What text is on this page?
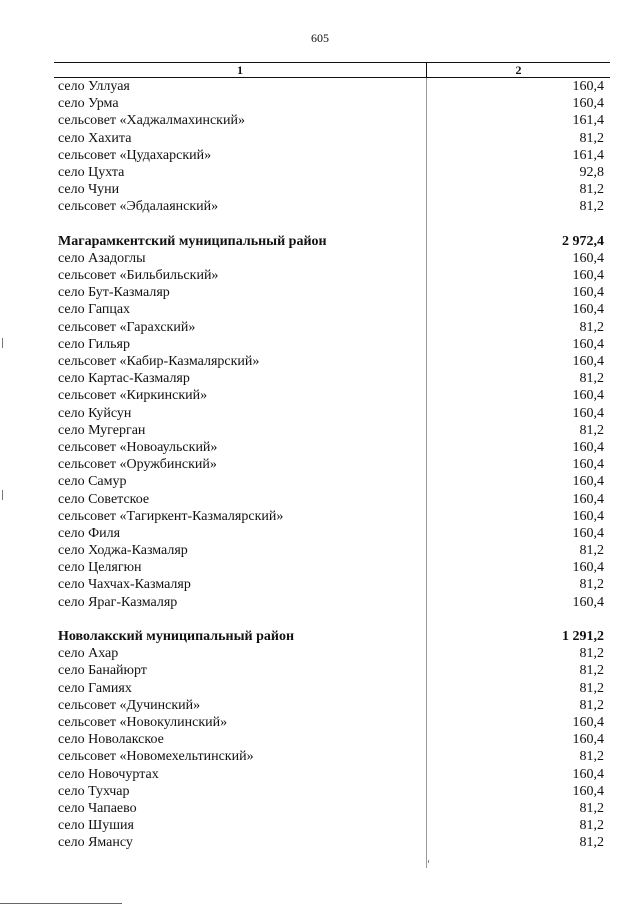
605
1	2
село Уллуая	160,4
село Урма	160,4
сельсовет «Хаджалмахинский»	161,4
село Хахита	81,2
сельсовет «Цудахарский»	161,4
село Цухта	92,8
село Чуни	81,2
сельсовет «Эбдалаянский»	81,2
Магарамкентский муниципальный район	2 972,4
село Азадоглы	160,4
сельсовет «Бильбильский»	160,4
село Бут-Казмаляр	160,4
село Гапцах	160,4
сельсовет «Гарахский»	81,2
село Гильяр	160,4
сельсовет «Кабир-Казмалярский»	160,4
село Картас-Казмаляр	81,2
сельсовет «Киркинский»	160,4
село Куйсун	160,4
село Мугерган	81,2
сельсовет «Новоаульский»	160,4
сельсовет «Оружбинский»	160,4
село Самур	160,4
село Советское	160,4
сельсовет «Тагиркент-Казмалярский»	160,4
село Филя	160,4
село Ходжа-Казмаляр	81,2
село Целягюн	160,4
село Чахчах-Казмаляр	81,2
село Яраг-Казмаляр	160,4
Новолакский муниципальный район	1 291,2
село Ахар	81,2
село Банайюрт	81,2
село Гамиях	81,2
сельсовет «Дучинский»	81,2
сельсовет «Новокулинский»	160,4
село Новолакское	160,4
сельсовет «Новомехельтинский»	81,2
село Новочуртах	160,4
село Тухчар	160,4
село Чапаево	81,2
село Шушия	81,2
село Ямансу	81,2
